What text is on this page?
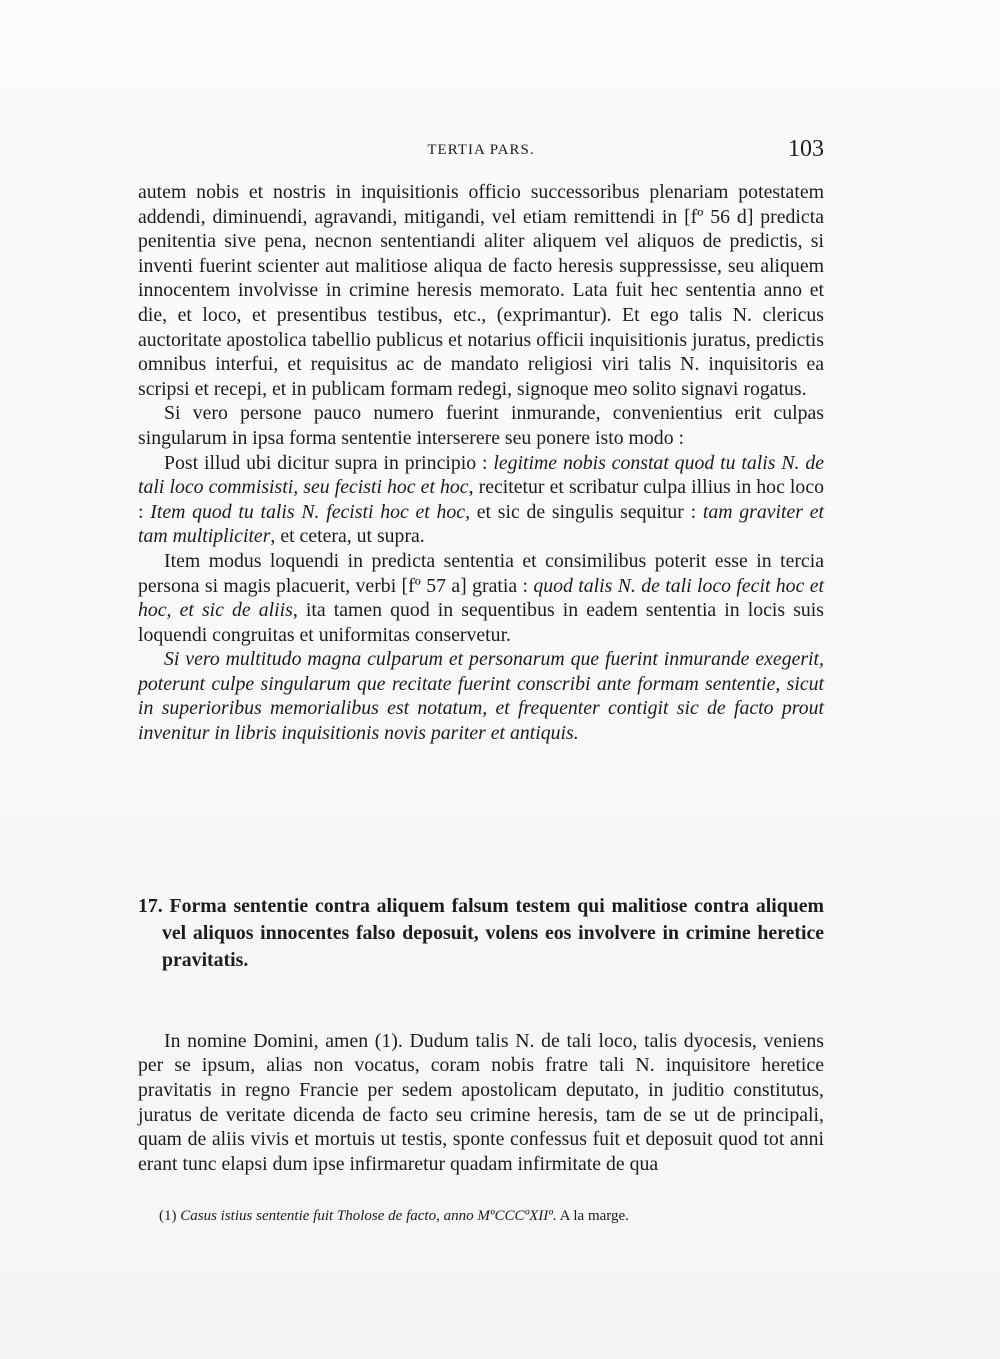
TERTIA PARS.	103

autem nobis et nostris in inquisitionis officio successoribus plenariam potestatem addendi, diminuendi, agravandi, mitigandi, vel etiam remittendi in [fº 56 d] predicta penitentia sive pena, necnon sententiandi aliter aliquem vel aliquos de predictis, si inventi fuerint scienter aut malitiose aliqua de facto heresis suppressisse, seu aliquem innocentem involvisse in crimine heresis memorato. Lata fuit hec sententia anno et die, et loco, et presentibus testibus, etc., (exprimantur). Et ego talis N. clericus auctoritate apostolica tabellio publicus et notarius officii inquisitionis juratus, predictis omnibus interfui, et requisitus ac de mandato religiosi viri talis N. inquisitoris ea scripsi et recepi, et in publicam formam redegi, signoque meo solito signavi rogatus.

Si vero persone pauco numero fuerint inmurande, convenientius erit culpas singularum in ipsa forma sententie interserere seu ponere isto modo :

Post illud ubi dicitur supra in principio : legitime nobis constat quod tu talis N. de tali loco commisisti, seu fecisti hoc et hoc, recitetur et scribatur culpa illius in hoc loco : Item quod tu talis N. fecisti hoc et hoc, et sic de singulis sequitur : tam graviter et tam multipliciter, et cetera, ut supra.

Item modus loquendi in predicta sententia et consimilibus poterit esse in tercia persona si magis placuerit, verbi [fº 57 a] gratia : quod talis N. de tali loco fecit hoc et hoc, et sic de aliis, ita tamen quod in sequentibus in eadem sententia in locis suis loquendi congruitas et uniformitas conservetur.

Si vero multitudo magna culparum et personarum que fuerint inmurande exegerit, poterunt culpe singularum que recitate fuerint conscribi ante formam sententie, sicut in superioribus memorialibus est notatum, et frequenter contigit sic de facto prout invenitur in libris inquisitionis novis pariter et antiquis.

17. Forma sententie contra aliquem falsum testem qui malitiose contra aliquem vel aliquos innocentes falso deposuit, volens eos involvere in crimine heretice pravitatis.

In nomine Domini, amen (1). Dudum talis N. de tali loco, talis dyocesis, veniens per se ipsum, alias non vocatus, coram nobis fratre tali N. inquisitore heretice pravitatis in regno Francie per sedem apostolicam deputato, in juditio constitutus, juratus de veritate dicenda de facto seu crimine heresis, tam de se ut de principali, quam de aliis vivis et mortuis ut testis, sponte confessus fuit et deposuit quod tot anni erant tunc elapsi dum ipse infirmaretur quadam infirmitate de qua

(1) Casus istius sententie fuit Tholose de facto, anno MºCCCºXIIº. A la marge.
